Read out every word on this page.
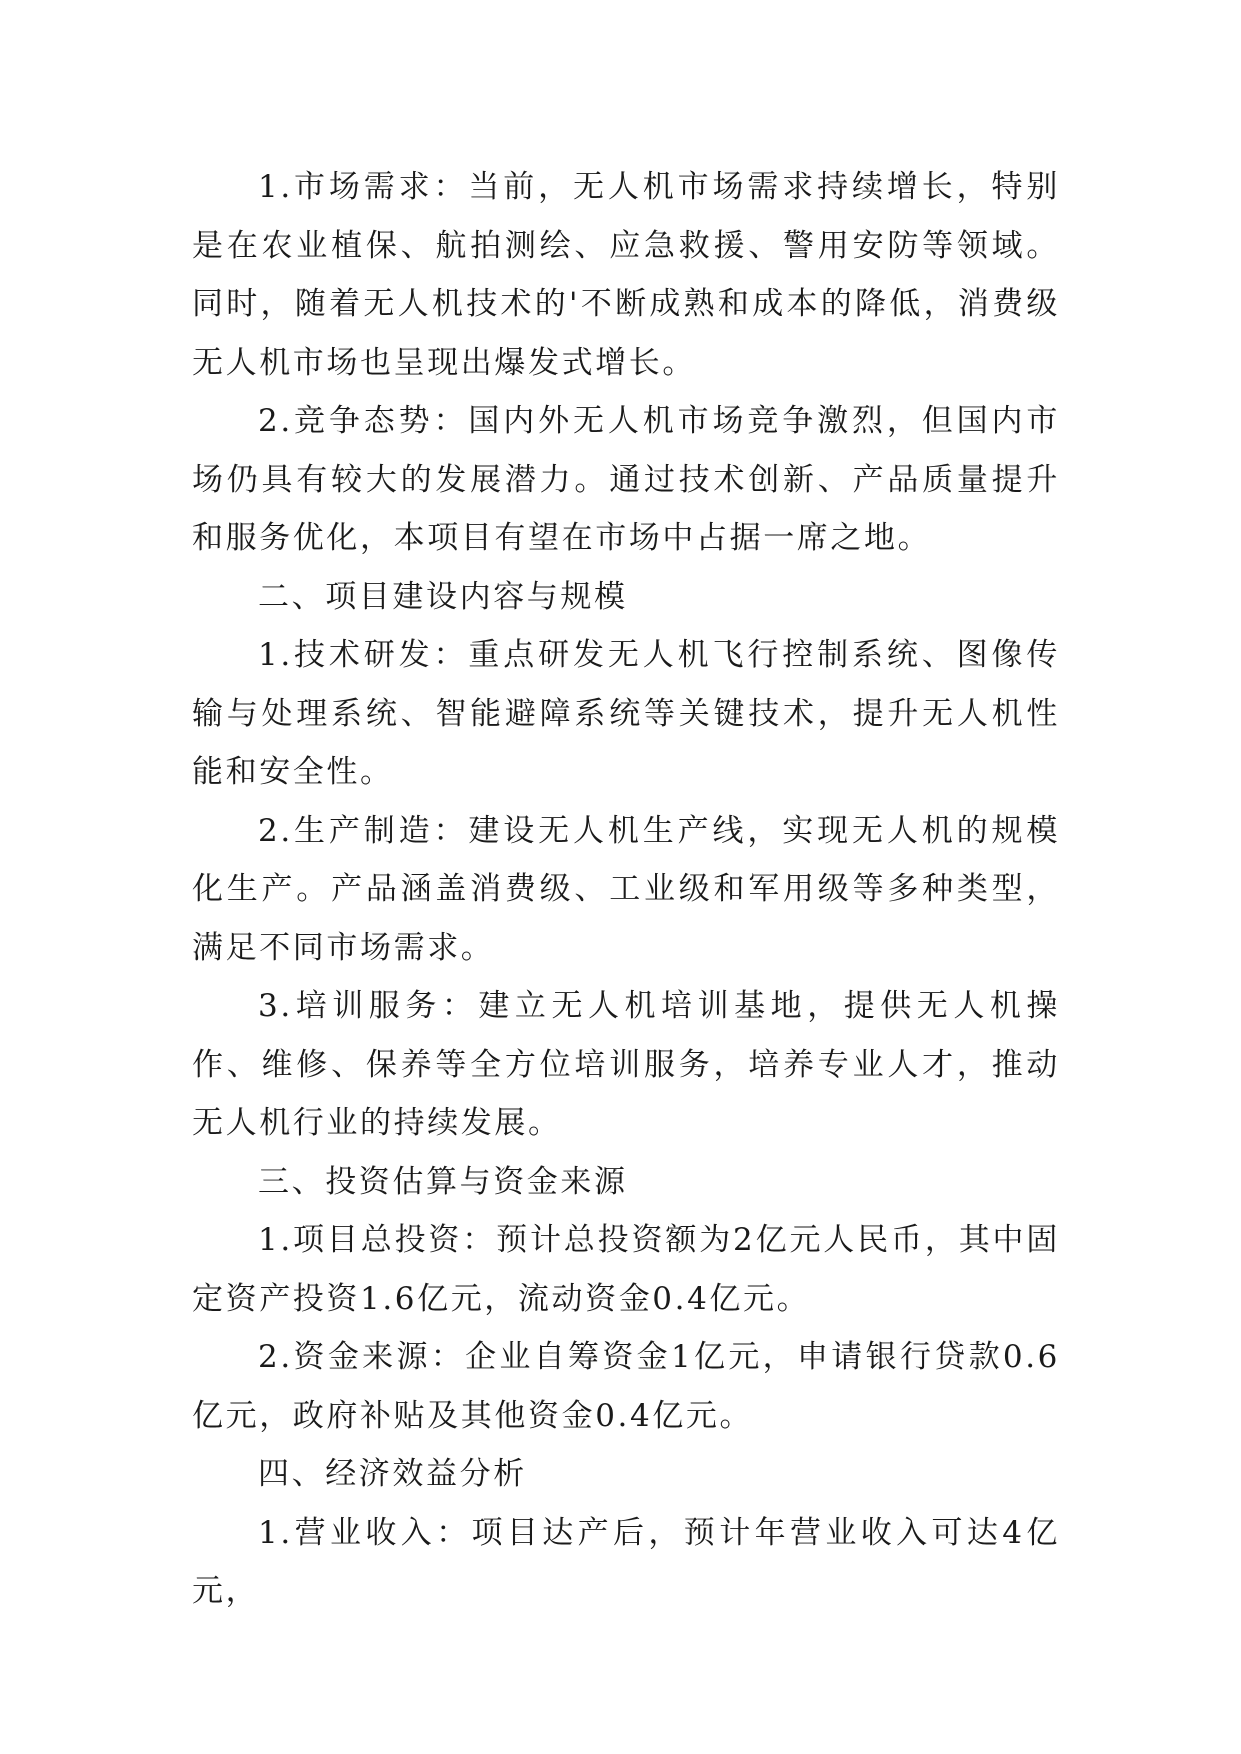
1.市场需求：当前，无人机市场需求持续增长，特别是在农业植保、航拍测绘、应急救援、警用安防等领域。同时，随着无人机技术的'不断成熟和成本的降低，消费级无人机市场也呈现出爆发式增长。

2.竞争态势：国内外无人机市场竞争激烈，但国内市场仍具有较大的发展潜力。通过技术创新、产品质量提升和服务优化，本项目有望在市场中占据一席之地。

二、项目建设内容与规模

1.技术研发：重点研发无人机飞行控制系统、图像传输与处理系统、智能避障系统等关键技术，提升无人机性能和安全性。

2.生产制造：建设无人机生产线，实现无人机的规模化生产。产品涵盖消费级、工业级和军用级等多种类型，满足不同市场需求。

3.培训服务：建立无人机培训基地，提供无人机操作、维修、保养等全方位培训服务，培养专业人才，推动无人机行业的持续发展。

三、投资估算与资金来源

1.项目总投资：预计总投资额为2亿元人民币，其中固定资产投资1.6亿元，流动资金0.4亿元。

2.资金来源：企业自筹资金1亿元，申请银行贷款0.6亿元，政府补贴及其他资金0.4亿元。

四、经济效益分析

1.营业收入：项目达产后，预计年营业收入可达4亿元，
